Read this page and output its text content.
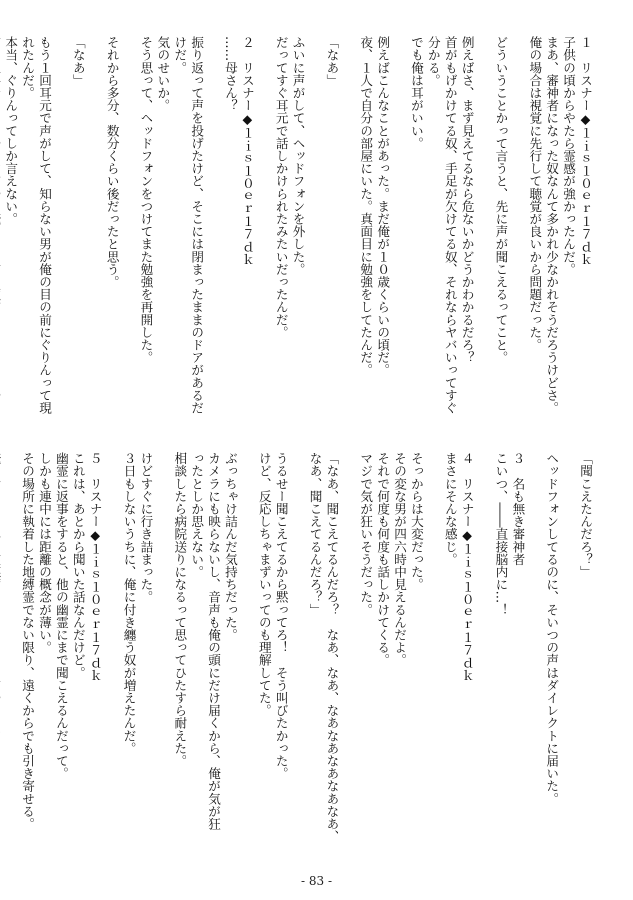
１　リスナー◆１ｉｓ１０ｅｒ１７ｄｋ
子供の頃からやたら霊感が強かったんだ。
まあ、審神者になった奴なんて多かれ少なかれそうだろうけどさ。
俺の場合は視覚に先行して聴覚が良いから問題だった。

どういうことかって言うと、先に声が聞こえるってこと。

例えばさ、まず見えてるなら危ないかどうかわかるだろ？
首がもげかけてる奴、手足が欠けてる奴、それならヤバいってすぐ
分かる。
でも俺は耳がいい。

例えばこんなことがあった。まだ俺が１０歳くらいの頃だ。
夜、１人で自分の部屋にいた。真面目に勉強をしてたんだ。

「なあ」

ふいに声がして、ヘッドフォンを外した。
だってすぐ耳元で話しかけられたみたいだったんだ。

２　リスナー◆１ｉｓ１０ｅｒ１７ｄｋ
……母さん？

振り返って声を投げたけど、そこには閉まったままのドアがあるだ
けだ。
気のせいか。
そう思って、ヘッドフォンをつけてまた勉強を再開した。

それから多分、数分くらい後だったと思う。

「なあ」

もう１回耳元で声がして、知らない男が俺の目の前にぐりんって現
れたんだ。
本当、ぐりんってしか言えない。
「聞こえたんだろ？」

ヘッドフォンしてるのに、そいつの声はダイレクトに届いた。

３　名も無き審神者
こいつ、――直接脳内に…！

４　リスナー◆１ｉｓ１０ｅｒ１７ｄｋ
まさにそんな感じ。

そっからは大変だった。
その変な男が四六時中見えるんだよ。
それで何度も何度も話しかけてくる。
マジで気が狂いそうだった。

「なあ、聞こえてるんだろ？　なあ、なあ、なあなあなあなあなあ、
なあ、聞こえてるんだろ？」

うるせー聞こえてるから黙ってろ！　そう叫びたかった。
けど、反応しちゃまずいってのも理解してた。

ぶっちゃけ詰んだ気持ちだった。
カメラにも映らないし、音声も俺の頭にだけ届くから、俺が気が狂
ったとしか思えない。
相談したら病院送りになるって思ってひたすら耐えた。

けどすぐに行き詰まった。
３日もしないうちに、俺に付き纏う奴が増えたんだ。

５　リスナー◆１ｉｓ１０ｅｒ１７ｄｋ
これは、あとから聞いた話なんだけど。
幽霊に返事をすると、他の幽霊にまで聞こえるんだって。
しかも連中には距離の概念が薄い。
その場所に執着した地縛霊でない限り、遠くからでも引き寄せる。

- 83 -
